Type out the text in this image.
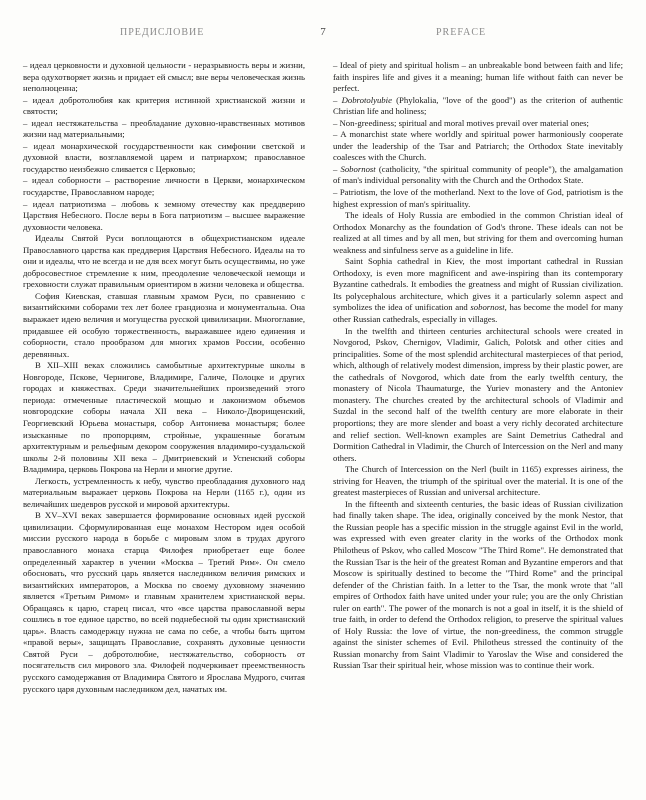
ПРЕДИСЛОВИЕ	7	PREFACE

– идеал церковности и духовной цельности - неразрывность веры и жизни, вера одухотворяет жизнь и придает ей смысл; вне веры человеческая жизнь неполноценна;

– идеал добротолюбия как критерия истинной христианской жизни и святости;

– идеал нестяжательства – преобладание духовно-нравственных мотивов жизни над материальными;

– идеал монархической государственности как симфонии светской и духовной власти, возглавляемой царем и патриархом; православное государство неизбежно сливается с Церковью;

– идеал соборности – растворение личности в Церкви, монархическом государстве, Православном народе;

– идеал патриотизма – любовь к земному отечеству как преддверию Царствия Небесного. После веры в Бога патриотизм – высшее выражение духовности человека.

Идеалы Святой Руси воплощаются в общехристианском идеале Православного царства как преддверия Царствия Небесного. Идеалы на то они и идеалы, что не всегда и не для всех могут быть осуществимы, но уже добросовестное стремление к ним, преодоление человеческой немощи и греховности служат правильным ориентиром в жизни человека и общества.

София Киевская, ставшая главным храмом Руси, по сравнению с византийскими соборами тех лет более грандиозна и монументальна. Она выражает идею величия и могущества русской цивилизации. Многоглавие, придавшее ей особую торжественность, выражавшее идею единения и соборности, стало прообразом для многих храмов России, особенно деревянных.

В XII–XIII веках сложились самобытные архитектурные школы в Новгороде, Пскове, Чернигове, Владимире, Галиче, Полоцке и других городах и княжествах. Среди значительнейших произведений этого периода: отмеченные пластической мощью и лаконизмом объемов новгородские соборы начала XII века – Николо-Дворищенский, Георгиевский Юрьева монастыря, собор Антониева монастыря; более изысканные по пропорциям, стройные, украшенные богатым архитектурным и рельефным декором сооружения владимиро-суздальской школы 2-й половины XII века – Дмитриевский и Успенский соборы Владимира, церковь Покрова на Нерли и многие другие.

Легкость, устремленность к небу, чувство преобладания духовного над материальным выражает церковь Покрова на Нерли (1165 г.), один из величайших шедевров русской и мировой архитектуры.

В XV–XVI веках завершается формирование основных идей русской цивилизации. Сформулированная еще монахом Нестором идея особой миссии русского народа в борьбе с мировым злом в трудах другого православного монаха старца Филофея приобретает еще более определенный характер в учении «Москва – Третий Рим». Он смело обосновать, что русский царь является наследником величия римских и византийских императоров, а Москва по своему духовному значению является «Третьим Римом» и главным хранителем христианской веры. Обращаясь к царю, старец писал, что «все царства православной веры сошлись в тое единое царство, во всей поднебесной ты один христианский царь». Власть самодержцу нужна не сама по себе, а чтобы быть щитом «правой веры», защищать Православие, сохранять духовные ценности Святой Руси – добротолюбие, нестяжательство, соборность от посягательств сил мирового зла. Филофей подчеркивает преемственность русского самодержавия от Владимира Святого и Ярослава Мудрого, считая русского царя духовным наследником дел, начатых им.

– Ideal of piety and spiritual holism – an unbreakable bond between faith and life; faith inspires life and gives it a meaning; human life without faith can never be perfect.

– Dobrotolyubie (Phylokalia, "love of the good") as the criterion of authentic Christian life and holiness;

– Non-greediness; spiritual and moral motives prevail over material ones;

– A monarchist state where worldly and spiritual power harmoniously cooperate under the leadership of the Tsar and Patriarch; the Orthodox State inevitably coalesces with the Church.

– Sobornost (catholicity, "the spiritual community of people"), the amalgamation of man's individual personality with the Church and the Orthodox State.

– Patriotism, the love of the motherland. Next to the love of God, patriotism is the highest expression of man's spirituality.

The ideals of Holy Russia are embodied in the common Christian ideal of Orthodox Monarchy as the foundation of God's throne. These ideals can not be realized at all times and by all men, but striving for them and overcoming human weakness and sinfulness serve as a guideline in life.

Saint Sophia cathedral in Kiev, the most important cathedral in Russian Orthodoxy, is even more magnificent and awe-inspiring than its contemporary Byzantine cathedrals. It embodies the greatness and might of Russian civilization. Its polycephalous architecture, which gives it a particularly solemn aspect and symbolizes the idea of unification and sobornost, has become the model for many other Russian cathedrals, especially in villages.

In the twelfth and thirteen centuries architectural schools were created in Novgorod, Pskov, Chernigov, Vladimir, Galich, Polotsk and other cities and principalities. Some of the most splendid architectural masterpieces of that period, which, although of relatively modest dimension, impress by their plastic power, are the cathedrals of Novgorod, which date from the early twelfth century, the monastery of Nicola Thaumaturge, the Yuriev monastery and the Antoniev monastery. The churches created by the architectural schools of Vladimir and Suzdal in the second half of the twelfth century are more elaborate in their proportions; they are more slender and boast a very richly decorated architecture and relief section. Well-known examples are Saint Demetrius Cathedral and Dormition Cathedral in Vladimir, the Church of Intercession on the Nerl and many others.

The Church of Intercession on the Nerl (built in 1165) expresses airiness, the striving for Heaven, the triumph of the spiritual over the material. It is one of the greatest masterpieces of Russian and universal architecture.

In the fifteenth and sixteenth centuries, the basic ideas of Russian civilization had finally taken shape. The idea, originally conceived by the monk Nestor, that the Russian people has a specific mission in the struggle against Evil in the world, was expressed with even greater clarity in the works of the Orthodox monk Philotheus of Pskov, who called Moscow "The Third Rome". He demonstrated that the Russian Tsar is the heir of the greatest Roman and Byzantine emperors and that Moscow is spiritually destined to become the "Third Rome" and the principal defender of the Christian faith. In a letter to the Tsar, the monk wrote that "all empires of Orthodox faith have united under your rule; you are the only Christian ruler on earth". The power of the monarch is not a goal in itself, it is the shield of true faith, in order to defend the Orthodox religion, to preserve the spiritual values of Holy Russia: the love of virtue, the non-greediness, the common struggle against the sinister schemes of Evil. Philotheus stressed the continuity of the Russian monarchy from Saint Vladimir to Yaroslav the Wise and considered the Russian Tsar their spiritual heir, whose mission was to continue their work.
